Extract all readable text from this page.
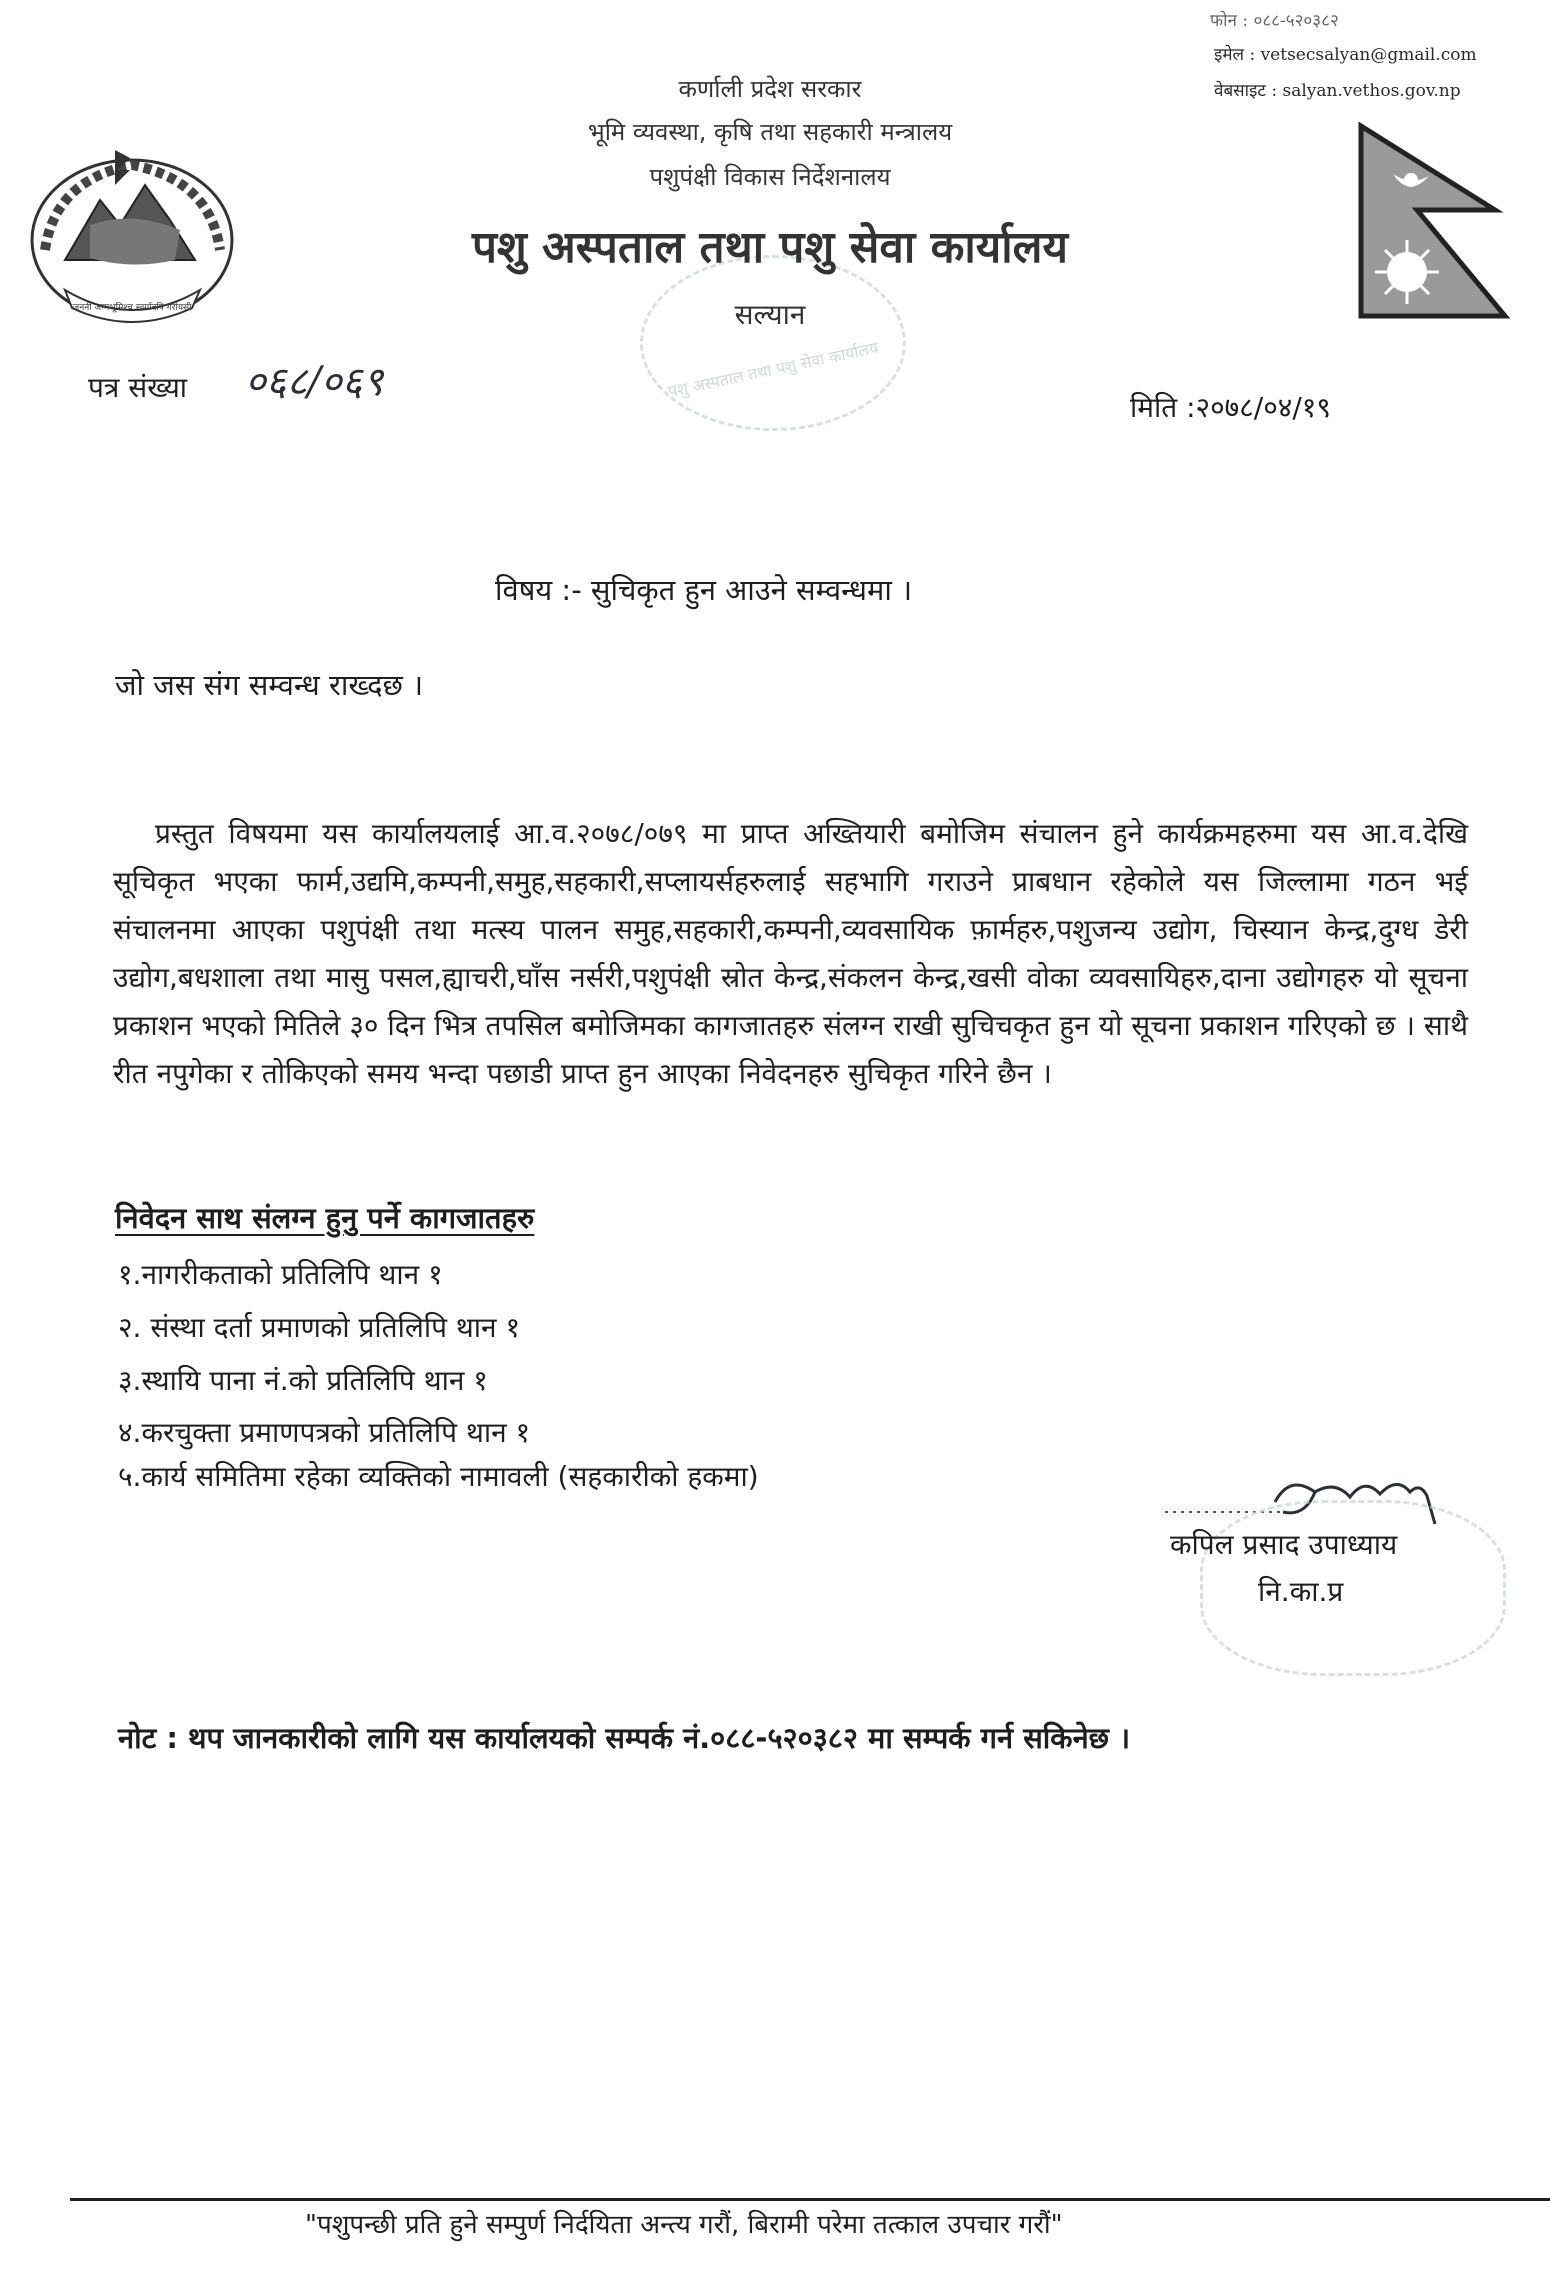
फोन : ०८८-५२०३८२
इमेल : vetsecsalyan@gmail.com
वेबसाइट : salyan.vethos.gov.np
जननी जन्मभूमिश्च स्वर्गादपि गरीयसी
पशु अस्पताल तथा पशु सेवा कार्यालय
कर्णाली प्रदेश सरकार
भूमि व्यवस्था, कृषि तथा सहकारी मन्त्रालय
पशुपंक्षी विकास निर्देशनालय
पशु अस्पताल तथा पशु सेवा कार्यालय
सल्यान
पत्र संख्या ०६८/०६९
मिति :२०७८/०४/१९
विषय :- सुचिकृत हुन आउने सम्वन्धमा ।
जो जस संग सम्वन्ध राख्दछ ।
प्रस्तुत विषयमा यस कार्यालयलाई आ.व.२०७८/०७९ मा प्राप्त अख्तियारी बमोजिम संचालन हुने कार्यक्रमहरुमा यस आ.व.देखि सूचिकृत भएका फार्म,उद्यमि,कम्पनी,समुह,सहकारी,सप्लायर्सहरुलाई सहभागि गराउने प्राबधान रहेकोले यस जिल्लामा गठन भई संचालनमा आएका पशुपंक्षी तथा मत्स्य पालन समुह,सहकारी,कम्पनी,व्यवसायिक फ़ार्महरु,पशुजन्य उद्योग, चिस्यान केन्द्र,दुग्ध डेरी उद्योग,बधशाला तथा मासु पसल,ह्याचरी,घाँस नर्सरी,पशुपंक्षी स्रोत केन्द्र,संकलन केन्द्र,खसी वोका व्यवसायिहरु,दाना उद्योगहरु यो सूचना प्रकाशन भएको मितिले ३० दिन भित्र तपसिल बमोजिमका कागजातहरु संलग्न राखी सुचिचकृत हुन यो सूचना प्रकाशन गरिएको छ । साथै रीत नपुगेका र तोकिएको समय भन्दा पछाडी प्राप्त हुन आएका निवेदनहरु सुचिकृत गरिने छैन ।
निवेदन साथ संलग्न हुनु पर्ने कागजातहरु
१.नागरीकताको प्रतिलिपि थान १
२. संस्था दर्ता प्रमाणको प्रतिलिपि थान १
३.स्थायि पाना नं.को प्रतिलिपि थान १
४.करचुक्ता प्रमाणपत्रको प्रतिलिपि थान १
५.कार्य समितिमा रहेका व्यक्तिको नामावली (सहकारीको हकमा)
कपिल प्रसाद उपाध्याय
नि.का.प्र
नोट : थप जानकारीको लागि यस कार्यालयको सम्पर्क नं.०८८-५२०३८२ मा सम्पर्क गर्न सकिनेछ ।
"पशुपन्छी प्रति हुने सम्पुर्ण निर्दयिता अन्त्य गरौं, बिरामी परेमा तत्काल उपचार गरौं"
